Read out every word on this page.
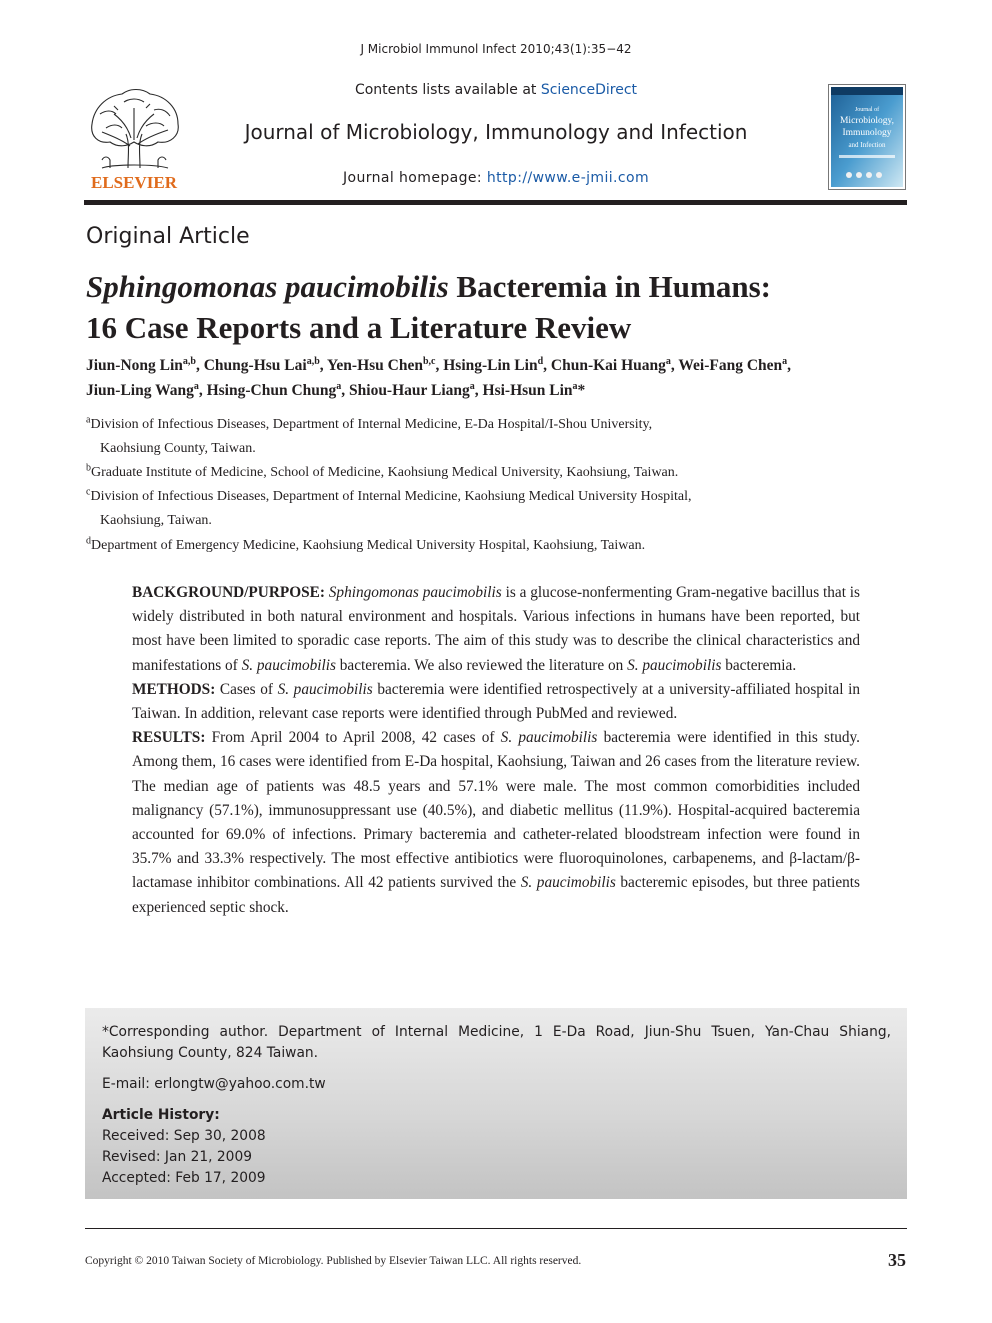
J Microbiol Immunol Infect 2010;43(1):35−42
Contents lists available at ScienceDirect
Journal of Microbiology, Immunology and Infection
Journal homepage: http://www.e-jmii.com
ELSEVIER
Journal of
Microbiology,
Immunology
and Infection
Original Article
Sphingomonas paucimobilis Bacteremia in Humans:
16 Case Reports and a Literature Review
Jiun-Nong Lin$^{a,b}$, Chung-Hsu Lai$^{a,b}$, Yen-Hsu Chen$^{b,c}$, Hsing-Lin Lin$^d$, Chun-Kai Huang$^a$, Wei-Fang Chen$^a$,
Jiun-Ling Wang$^a$, Hsing-Chun Chung$^a$, Shiou-Haur Liang$^a$, Hsi-Hsun Lin$^a$*
$^a$Division of Infectious Diseases, Department of Internal Medicine, E-Da Hospital/I-Shou University,
Kaohsiung County, Taiwan.
$^b$Graduate Institute of Medicine, School of Medicine, Kaohsiung Medical University, Kaohsiung, Taiwan.
$^c$Division of Infectious Diseases, Department of Internal Medicine, Kaohsiung Medical University Hospital,
Kaohsiung, Taiwan.
$^d$Department of Emergency Medicine, Kaohsiung Medical University Hospital, Kaohsiung, Taiwan.

BACKGROUND/PURPOSE: Sphingomonas paucimobilis is a glucose-nonfermenting Gram-negative bacillus that is widely distributed in both natural environment and hospitals. Various infections in humans have been reported, but most have been limited to sporadic case reports. The aim of this study was to describe the clinical characteristics and manifestations of S. paucimobilis bacteremia. We also reviewed the literature on S. paucimobilis bacteremia.

METHODS: Cases of S. paucimobilis bacteremia were identified retrospectively at a university-affiliated hospital in Taiwan. In addition, relevant case reports were identified through PubMed and reviewed.

RESULTS: From April 2004 to April 2008, 42 cases of S. paucimobilis bacteremia were identified in this study. Among them, 16 cases were identified from E-Da hospital, Kaohsiung, Taiwan and 26 cases from the literature review. The median age of patients was 48.5 years and 57.1% were male. The most common comorbidities included malignancy (57.1%), immunosuppressant use (40.5%), and diabetic mellitus (11.9%). Hospital-acquired bacteremia accounted for 69.0% of infections. Primary bacteremia and catheter-related bloodstream infection were found in 35.7% and 33.3% respectively. The most effective antibiotics were fluoroquinolones, carbapenems, and β-lactam/β-lactamase inhibitor combinations. All 42 patients survived the S. paucimobilis bacteremic episodes, but three patients experienced septic shock.

*Corresponding author. Department of Internal Medicine, 1 E-Da Road, Jiun-Shu Tsuen, Yan-Chau Shiang, Kaohsiung County, 824 Taiwan.
E-mail: erlongtw@yahoo.com.tw
Article History:
Received: Sep 30, 2008
Revised: Jan 21, 2009
Accepted: Feb 17, 2009
Copyright © 2010 Taiwan Society of Microbiology. Published by Elsevier Taiwan LLC. All rights reserved.	35
